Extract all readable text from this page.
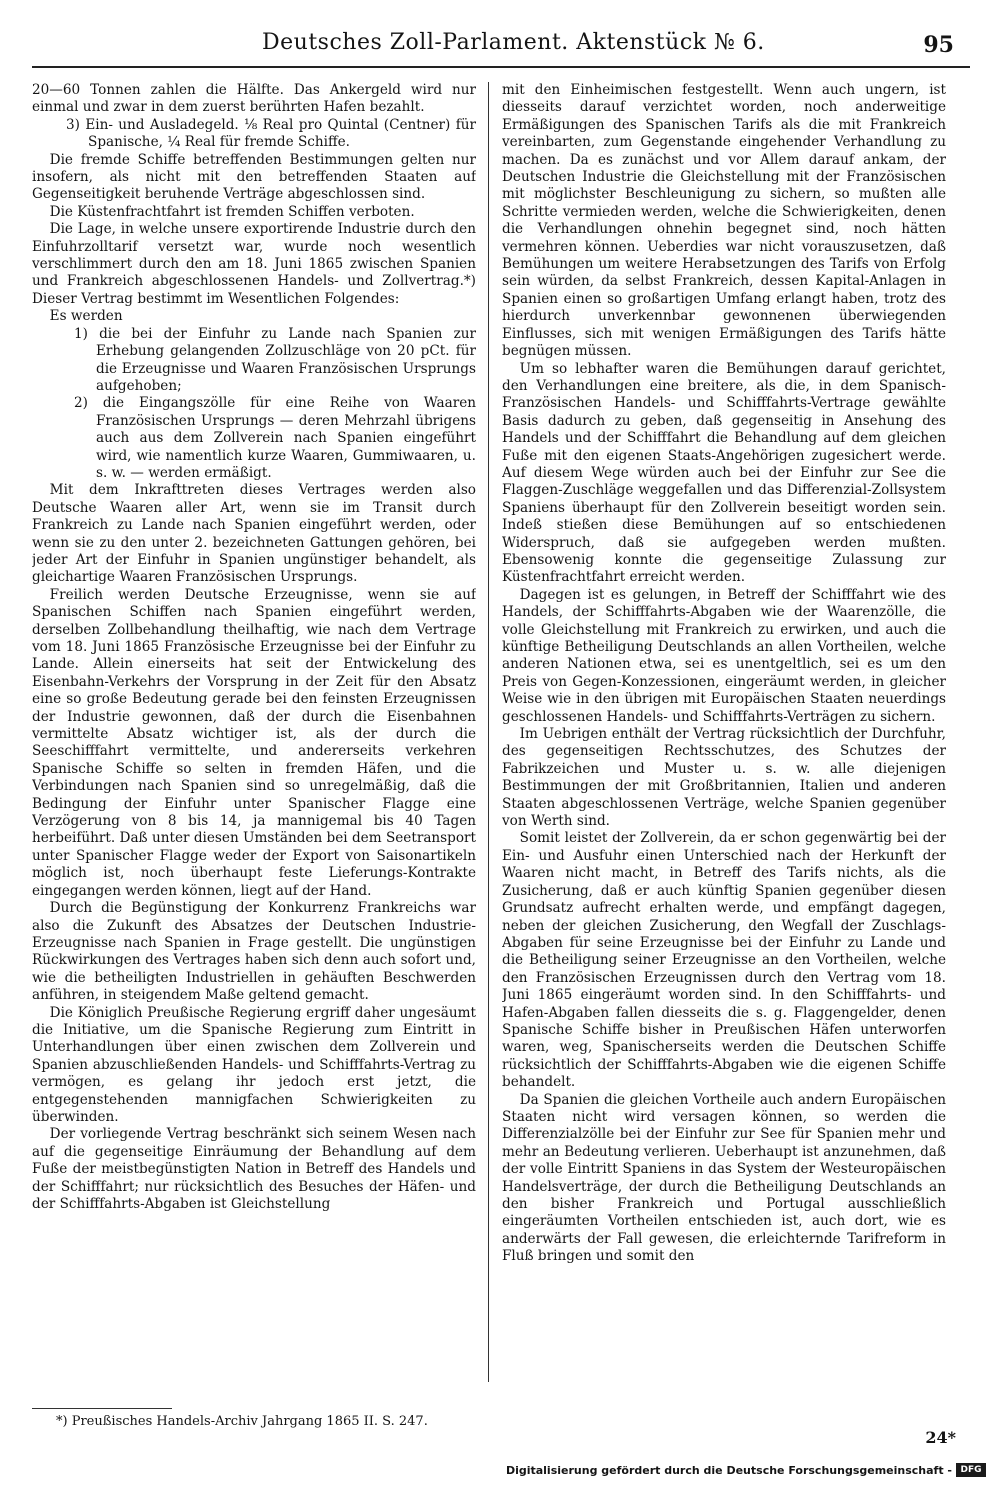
Deutsches Zoll-Parlament. Aktenstück № 6.	95

20—60 Tonnen zahlen die Hälfte. Das Ankergeld wird nur einmal und zwar in dem zuerst berührten Hafen bezahlt.

3) Ein- und Ausladegeld. ⅛ Real pro Quintal (Centner) für Spanische, ¼ Real für fremde Schiffe.

Die fremde Schiffe betreffenden Bestimmungen gelten nur insofern, als nicht mit den betreffenden Staaten auf Gegenseitigkeit beruhende Verträge abgeschlossen sind.

Die Küstenfrachtfahrt ist fremden Schiffen verboten.

Die Lage, in welche unsere exportirende Industrie durch den Einfuhrzolltarif versetzt war, wurde noch wesentlich verschlimmert durch den am 18. Juni 1865 zwischen Spanien und Frankreich abgeschlossenen Handels- und Zollvertrag.*) Dieser Vertrag bestimmt im Wesentlichen Folgendes:

Es werden

1) die bei der Einfuhr zu Lande nach Spanien zur Erhebung gelangenden Zollzuschläge von 20 pCt. für die Erzeugnisse und Waaren Französischen Ursprungs aufgehoben;

2) die Eingangszölle für eine Reihe von Waaren Französischen Ursprungs — deren Mehrzahl übrigens auch aus dem Zollverein nach Spanien eingeführt wird, wie namentlich kurze Waaren, Gummiwaaren, u. s. w. — werden ermäßigt.

Mit dem Inkrafttreten dieses Vertrages werden also Deutsche Waaren aller Art, wenn sie im Transit durch Frankreich zu Lande nach Spanien eingeführt werden, oder wenn sie zu den unter 2. bezeichneten Gattungen gehören, bei jeder Art der Einfuhr in Spanien ungünstiger behandelt, als gleichartige Waaren Französischen Ursprungs.

Freilich werden Deutsche Erzeugnisse, wenn sie auf Spanischen Schiffen nach Spanien eingeführt werden, derselben Zollbehandlung theilhaftig, wie nach dem Vertrage vom 18. Juni 1865 Französische Erzeugnisse bei der Einfuhr zu Lande. Allein einerseits hat seit der Entwickelung des Eisenbahn-Verkehrs der Vorsprung in der Zeit für den Absatz eine so große Bedeutung gerade bei den feinsten Erzeugnissen der Industrie gewonnen, daß der durch die Eisenbahnen vermittelte Absatz wichtiger ist, als der durch die Seeschifffahrt vermittelte, und andererseits verkehren Spanische Schiffe so selten in fremden Häfen, und die Verbindungen nach Spanien sind so unregelmäßig, daß die Bedingung der Einfuhr unter Spanischer Flagge eine Verzögerung von 8 bis 14, ja mannigemal bis 40 Tagen herbeiführt. Daß unter diesen Umständen bei dem Seetransport unter Spanischer Flagge weder der Export von Saisonartikeln möglich ist, noch überhaupt feste Lieferungs-Kontrakte eingegangen werden können, liegt auf der Hand.

Durch die Begünstigung der Konkurrenz Frankreichs war also die Zukunft des Absatzes der Deutschen Industrie-Erzeugnisse nach Spanien in Frage gestellt. Die ungünstigen Rückwirkungen des Vertrages haben sich denn auch sofort und, wie die betheiligten Industriellen in gehäuften Beschwerden anführen, in steigendem Maße geltend gemacht.

Die Königlich Preußische Regierung ergriff daher ungesäumt die Initiative, um die Spanische Regierung zum Eintritt in Unterhandlungen über einen zwischen dem Zollverein und Spanien abzuschließenden Handels- und Schifffahrts-Vertrag zu vermögen, es gelang ihr jedoch erst jetzt, die entgegenstehenden mannigfachen Schwierigkeiten zu überwinden.

Der vorliegende Vertrag beschränkt sich seinem Wesen nach auf die gegenseitige Einräumung der Behandlung auf dem Fuße der meistbegünstigten Nation in Betreff des Handels und der Schifffahrt; nur rücksichtlich des Besuches der Häfen- und der Schifffahrts-Abgaben ist Gleichstellung

mit den Einheimischen festgestellt. Wenn auch ungern, ist diesseits darauf verzichtet worden, noch anderweitige Ermäßigungen des Spanischen Tarifs als die mit Frankreich vereinbarten, zum Gegenstande eingehender Verhandlung zu machen. Da es zunächst und vor Allem darauf ankam, der Deutschen Industrie die Gleichstellung mit der Französischen mit möglichster Beschleunigung zu sichern, so mußten alle Schritte vermieden werden, welche die Schwierigkeiten, denen die Verhandlungen ohnehin begegnet sind, noch hätten vermehren können. Ueberdies war nicht vorauszusetzen, daß Bemühungen um weitere Herabsetzungen des Tarifs von Erfolg sein würden, da selbst Frankreich, dessen Kapital-Anlagen in Spanien einen so großartigen Umfang erlangt haben, trotz des hierdurch unverkennbar gewonnenen überwiegenden Einflusses, sich mit wenigen Ermäßigungen des Tarifs hätte begnügen müssen.

Um so lebhafter waren die Bemühungen darauf gerichtet, den Verhandlungen eine breitere, als die, in dem Spanisch-Französischen Handels- und Schifffahrts-Vertrage gewählte Basis dadurch zu geben, daß gegenseitig in Ansehung des Handels und der Schifffahrt die Behandlung auf dem gleichen Fuße mit den eigenen Staats-Angehörigen zugesichert werde. Auf diesem Wege würden auch bei der Einfuhr zur See die Flaggen-Zuschläge weggefallen und das Differenzial-Zollsystem Spaniens überhaupt für den Zollverein beseitigt worden sein. Indeß stießen diese Bemühungen auf so entschiedenen Widerspruch, daß sie aufgegeben werden mußten. Ebensowenig konnte die gegenseitige Zulassung zur Küstenfrachtfahrt erreicht werden.

Dagegen ist es gelungen, in Betreff der Schifffahrt wie des Handels, der Schifffahrts-Abgaben wie der Waarenzölle, die volle Gleichstellung mit Frankreich zu erwirken, und auch die künftige Betheiligung Deutschlands an allen Vortheilen, welche anderen Nationen etwa, sei es unentgeltlich, sei es um den Preis von Gegen-Konzessionen, eingeräumt werden, in gleicher Weise wie in den übrigen mit Europäischen Staaten neuerdings geschlossenen Handels- und Schifffahrts-Verträgen zu sichern.

Im Uebrigen enthält der Vertrag rücksichtlich der Durchfuhr, des gegenseitigen Rechtsschutzes, des Schutzes der Fabrikzeichen und Muster u. s. w. alle diejenigen Bestimmungen der mit Großbritannien, Italien und anderen Staaten abgeschlossenen Verträge, welche Spanien gegenüber von Werth sind.

Somit leistet der Zollverein, da er schon gegenwärtig bei der Ein- und Ausfuhr einen Unterschied nach der Herkunft der Waaren nicht macht, in Betreff des Tarifs nichts, als die Zusicherung, daß er auch künftig Spanien gegenüber diesen Grundsatz aufrecht erhalten werde, und empfängt dagegen, neben der gleichen Zusicherung, den Wegfall der Zuschlags-Abgaben für seine Erzeugnisse bei der Einfuhr zu Lande und die Betheiligung seiner Erzeugnisse an den Vortheilen, welche den Französischen Erzeugnissen durch den Vertrag vom 18. Juni 1865 eingeräumt worden sind. In den Schifffahrts- und Hafen-Abgaben fallen diesseits die s. g. Flaggengelder, denen Spanische Schiffe bisher in Preußischen Häfen unterworfen waren, weg, Spanischerseits werden die Deutschen Schiffe rücksichtlich der Schifffahrts-Abgaben wie die eigenen Schiffe behandelt.

Da Spanien die gleichen Vortheile auch andern Europäischen Staaten nicht wird versagen können, so werden die Differenzialzölle bei der Einfuhr zur See für Spanien mehr und mehr an Bedeutung verlieren. Ueberhaupt ist anzunehmen, daß der volle Eintritt Spaniens in das System der Westeuropäischen Handelsverträge, der durch die Betheiligung Deutschlands an den bisher Frankreich und Portugal ausschließlich eingeräumten Vortheilen entschieden ist, auch dort, wie es anderwärts der Fall gewesen, die erleichternde Tarifreform in Fluß bringen und somit den

*) Preußisches Handels-Archiv Jahrgang 1865 II. S. 247.
24*
Digitalisierung gefördert durch die Deutsche Forschungsgemeinschaft - DFG
